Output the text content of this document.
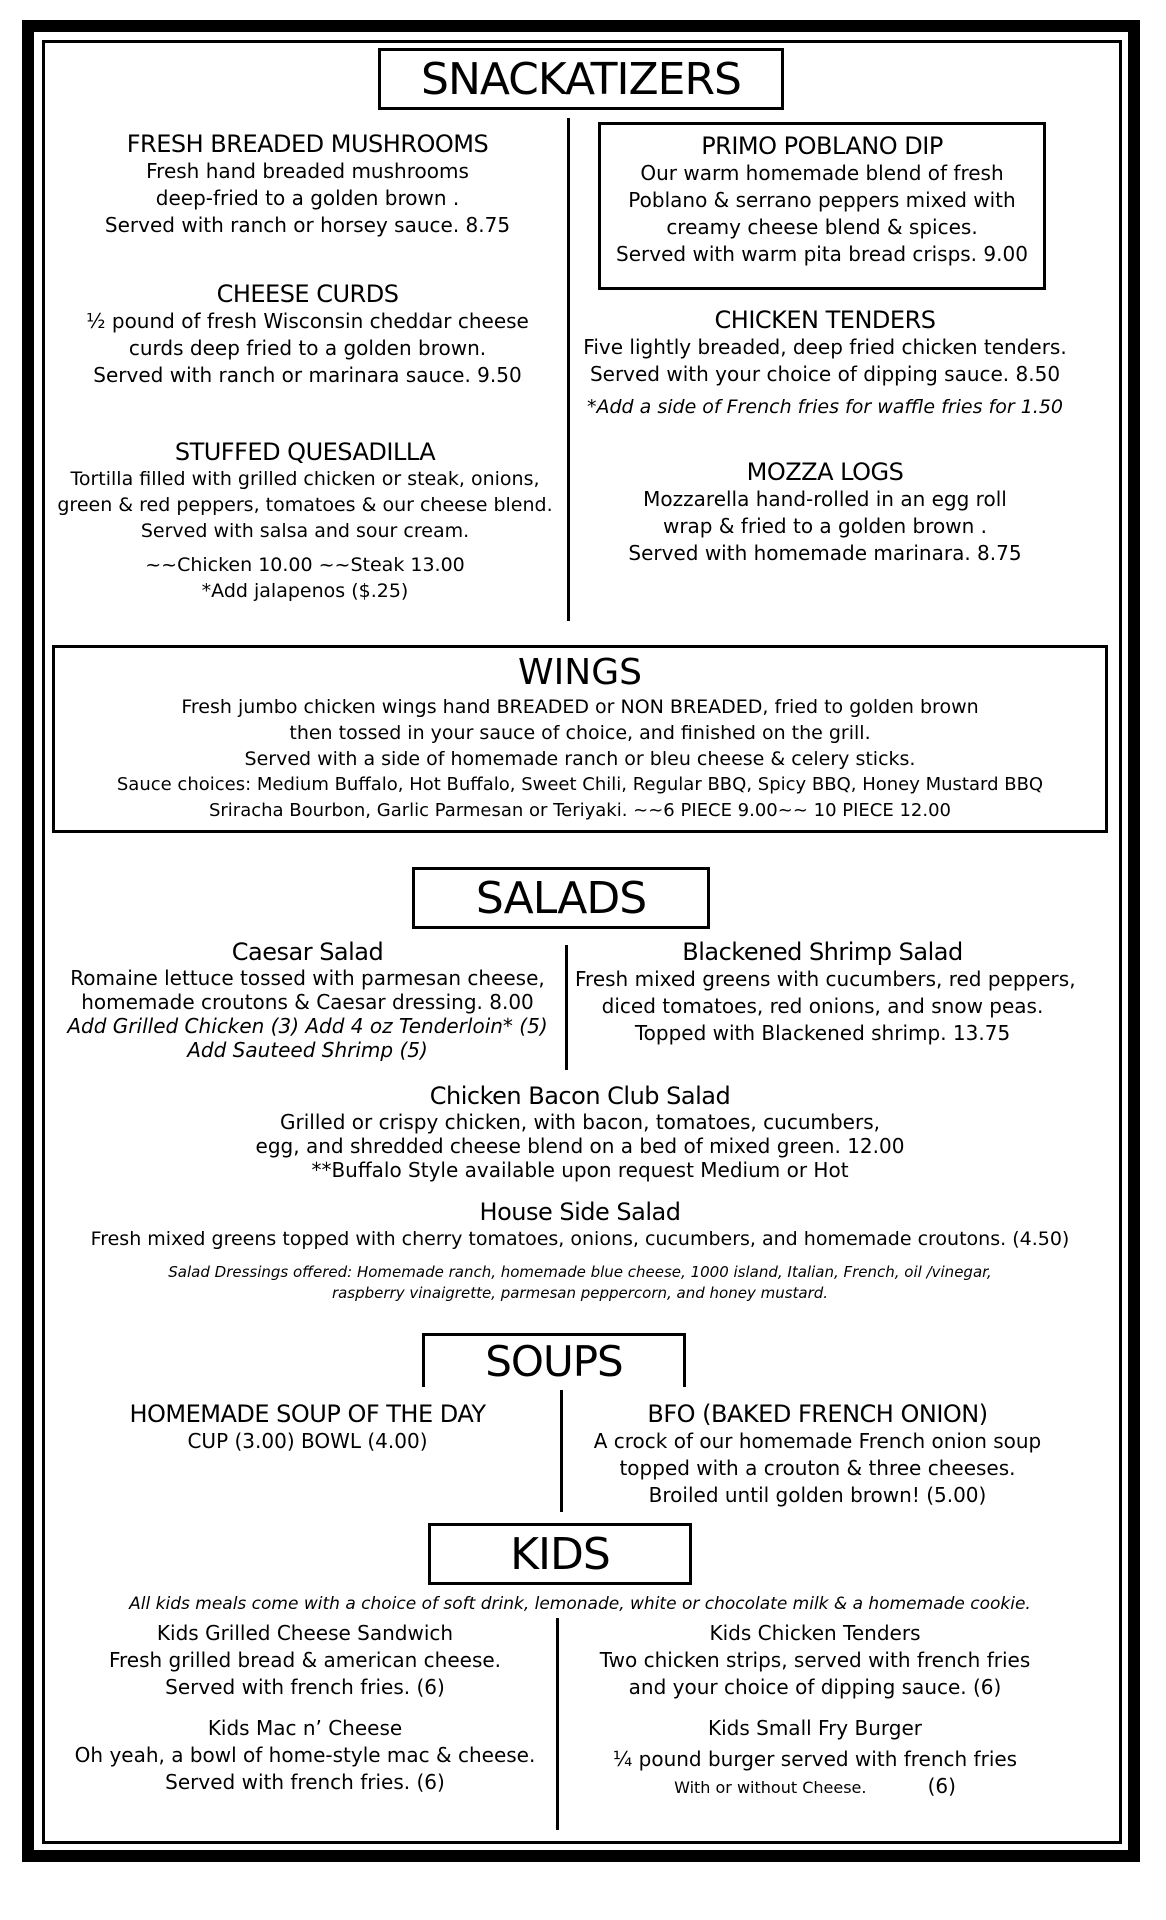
SNACKATIZERS
FRESH BREADED MUSHROOMS
Fresh hand breaded mushrooms
deep-fried to a golden brown .
Served with ranch or horsey sauce. 8.75
CHEESE CURDS
½ pound of fresh Wisconsin cheddar cheese
curds deep fried to a golden brown.
Served with ranch or marinara sauce. 9.50
STUFFED QUESADILLA
Tortilla filled with grilled chicken or steak, onions,
green & red peppers, tomatoes & our cheese blend.
Served with salsa and sour cream.
~~Chicken 10.00 ~~Steak 13.00
*Add jalapenos ($.25)
PRIMO POBLANO DIP
Our warm homemade blend of fresh
Poblano & serrano peppers mixed with
creamy cheese blend & spices.
Served with warm pita bread crisps. 9.00
CHICKEN TENDERS
Five lightly breaded, deep fried chicken tenders.
Served with your choice of dipping sauce. 8.50
*Add a side of French fries for waffle fries for 1.50
MOZZA LOGS
Mozzarella hand-rolled in an egg roll
wrap & fried to a golden brown .
Served with homemade marinara. 8.75
WINGS
Fresh jumbo chicken wings hand BREADED or NON BREADED, fried to golden brown
then tossed in your sauce of choice, and finished on the grill.
Served with a side of homemade ranch or bleu cheese & celery sticks.
Sauce choices: Medium Buffalo, Hot Buffalo, Sweet Chili, Regular BBQ, Spicy BBQ, Honey Mustard BBQ
Sriracha Bourbon, Garlic Parmesan or Teriyaki. ~~6 PIECE 9.00~~ 10 PIECE 12.00
SALADS
Caesar Salad
Romaine lettuce tossed with parmesan cheese,
homemade croutons & Caesar dressing. 8.00
Add Grilled Chicken (3) Add 4 oz Tenderloin* (5)
Add Sauteed Shrimp (5)
Blackened Shrimp Salad
Fresh mixed greens with cucumbers, red peppers,
diced tomatoes, red onions, and snow peas.
Topped with Blackened shrimp. 13.75
Chicken Bacon Club Salad
Grilled or crispy chicken, with bacon, tomatoes, cucumbers,
egg, and shredded cheese blend on a bed of mixed green. 12.00
**Buffalo Style available upon request Medium or Hot
House Side Salad
Fresh mixed greens topped with cherry tomatoes, onions, cucumbers, and homemade croutons. (4.50)
Salad Dressings offered: Homemade ranch, homemade blue cheese, 1000 island, Italian, French, oil /vinegar,
raspberry vinaigrette, parmesan peppercorn, and honey mustard.
SOUPS
HOMEMADE SOUP OF THE DAY
CUP (3.00) BOWL (4.00)
BFO (BAKED FRENCH ONION)
A crock of our homemade French onion soup
topped with a crouton & three cheeses.
Broiled until golden brown! (5.00)
KIDS
All kids meals come with a choice of soft drink, lemonade, white or chocolate milk & a homemade cookie.
Kids Grilled Cheese Sandwich
Fresh grilled bread & american cheese.
Served with french fries. (6)
Kids Mac n’ Cheese
Oh yeah, a bowl of home-style mac & cheese.
Served with french fries. (6)
Kids Chicken Tenders
Two chicken strips, served with french fries
and your choice of dipping sauce. (6)
Kids Small Fry Burger
¼ pound burger served with french fries
With or without Cheese.	(6)
